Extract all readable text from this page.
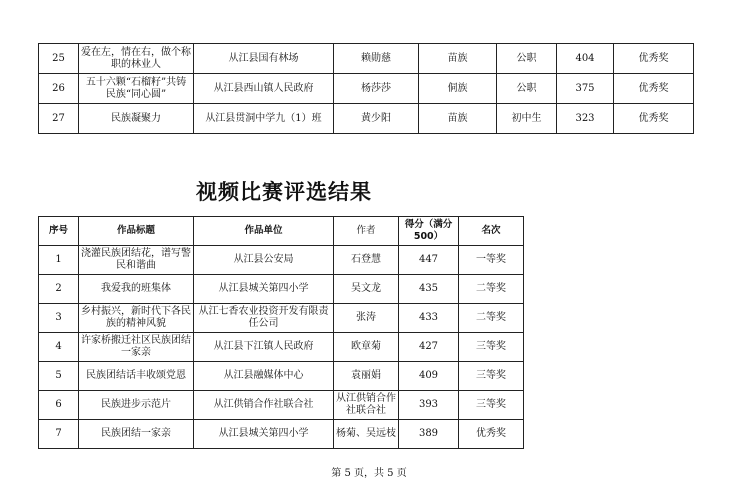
25	爱在左，情在右，做个称职的林业人	从江县国有林场	赖勋慈	苗族	公职	404	优秀奖
26	五十六颗“石榴籽”共铸民族“同心圆”	从江县西山镇人民政府	杨莎莎	侗族	公职	375	优秀奖
27	民族凝聚力	从江县贯洞中学九（1）班	黄少阳	苗族	初中生	323	优秀奖
视频比赛评选结果
序号	作品标题	作品单位	作者	得分（满分500）	名次
1	浇灌民族团结花，谱写警民和谐曲	从江县公安局	石登慧	447	一等奖
2	我爱我的班集体	从江县城关第四小学	吴文龙	435	二等奖
3	乡村振兴，新时代下各民族的精神风貌	从江七香农业投资开发有限责任公司	张涛	433	二等奖
4	许家桥搬迁社区民族团结一家亲	从江县下江镇人民政府	欧章菊	427	三等奖
5	民族团结话丰收颂党恩	从江县融媒体中心	袁丽娟	409	三等奖
6	民族进步示范片	从江供销合作社联合社	从江供销合作社联合社	393	三等奖
7	民族团结一家亲	从江县城关第四小学	杨菊、吴远枝	389	优秀奖
第 5 页，共 5 页
